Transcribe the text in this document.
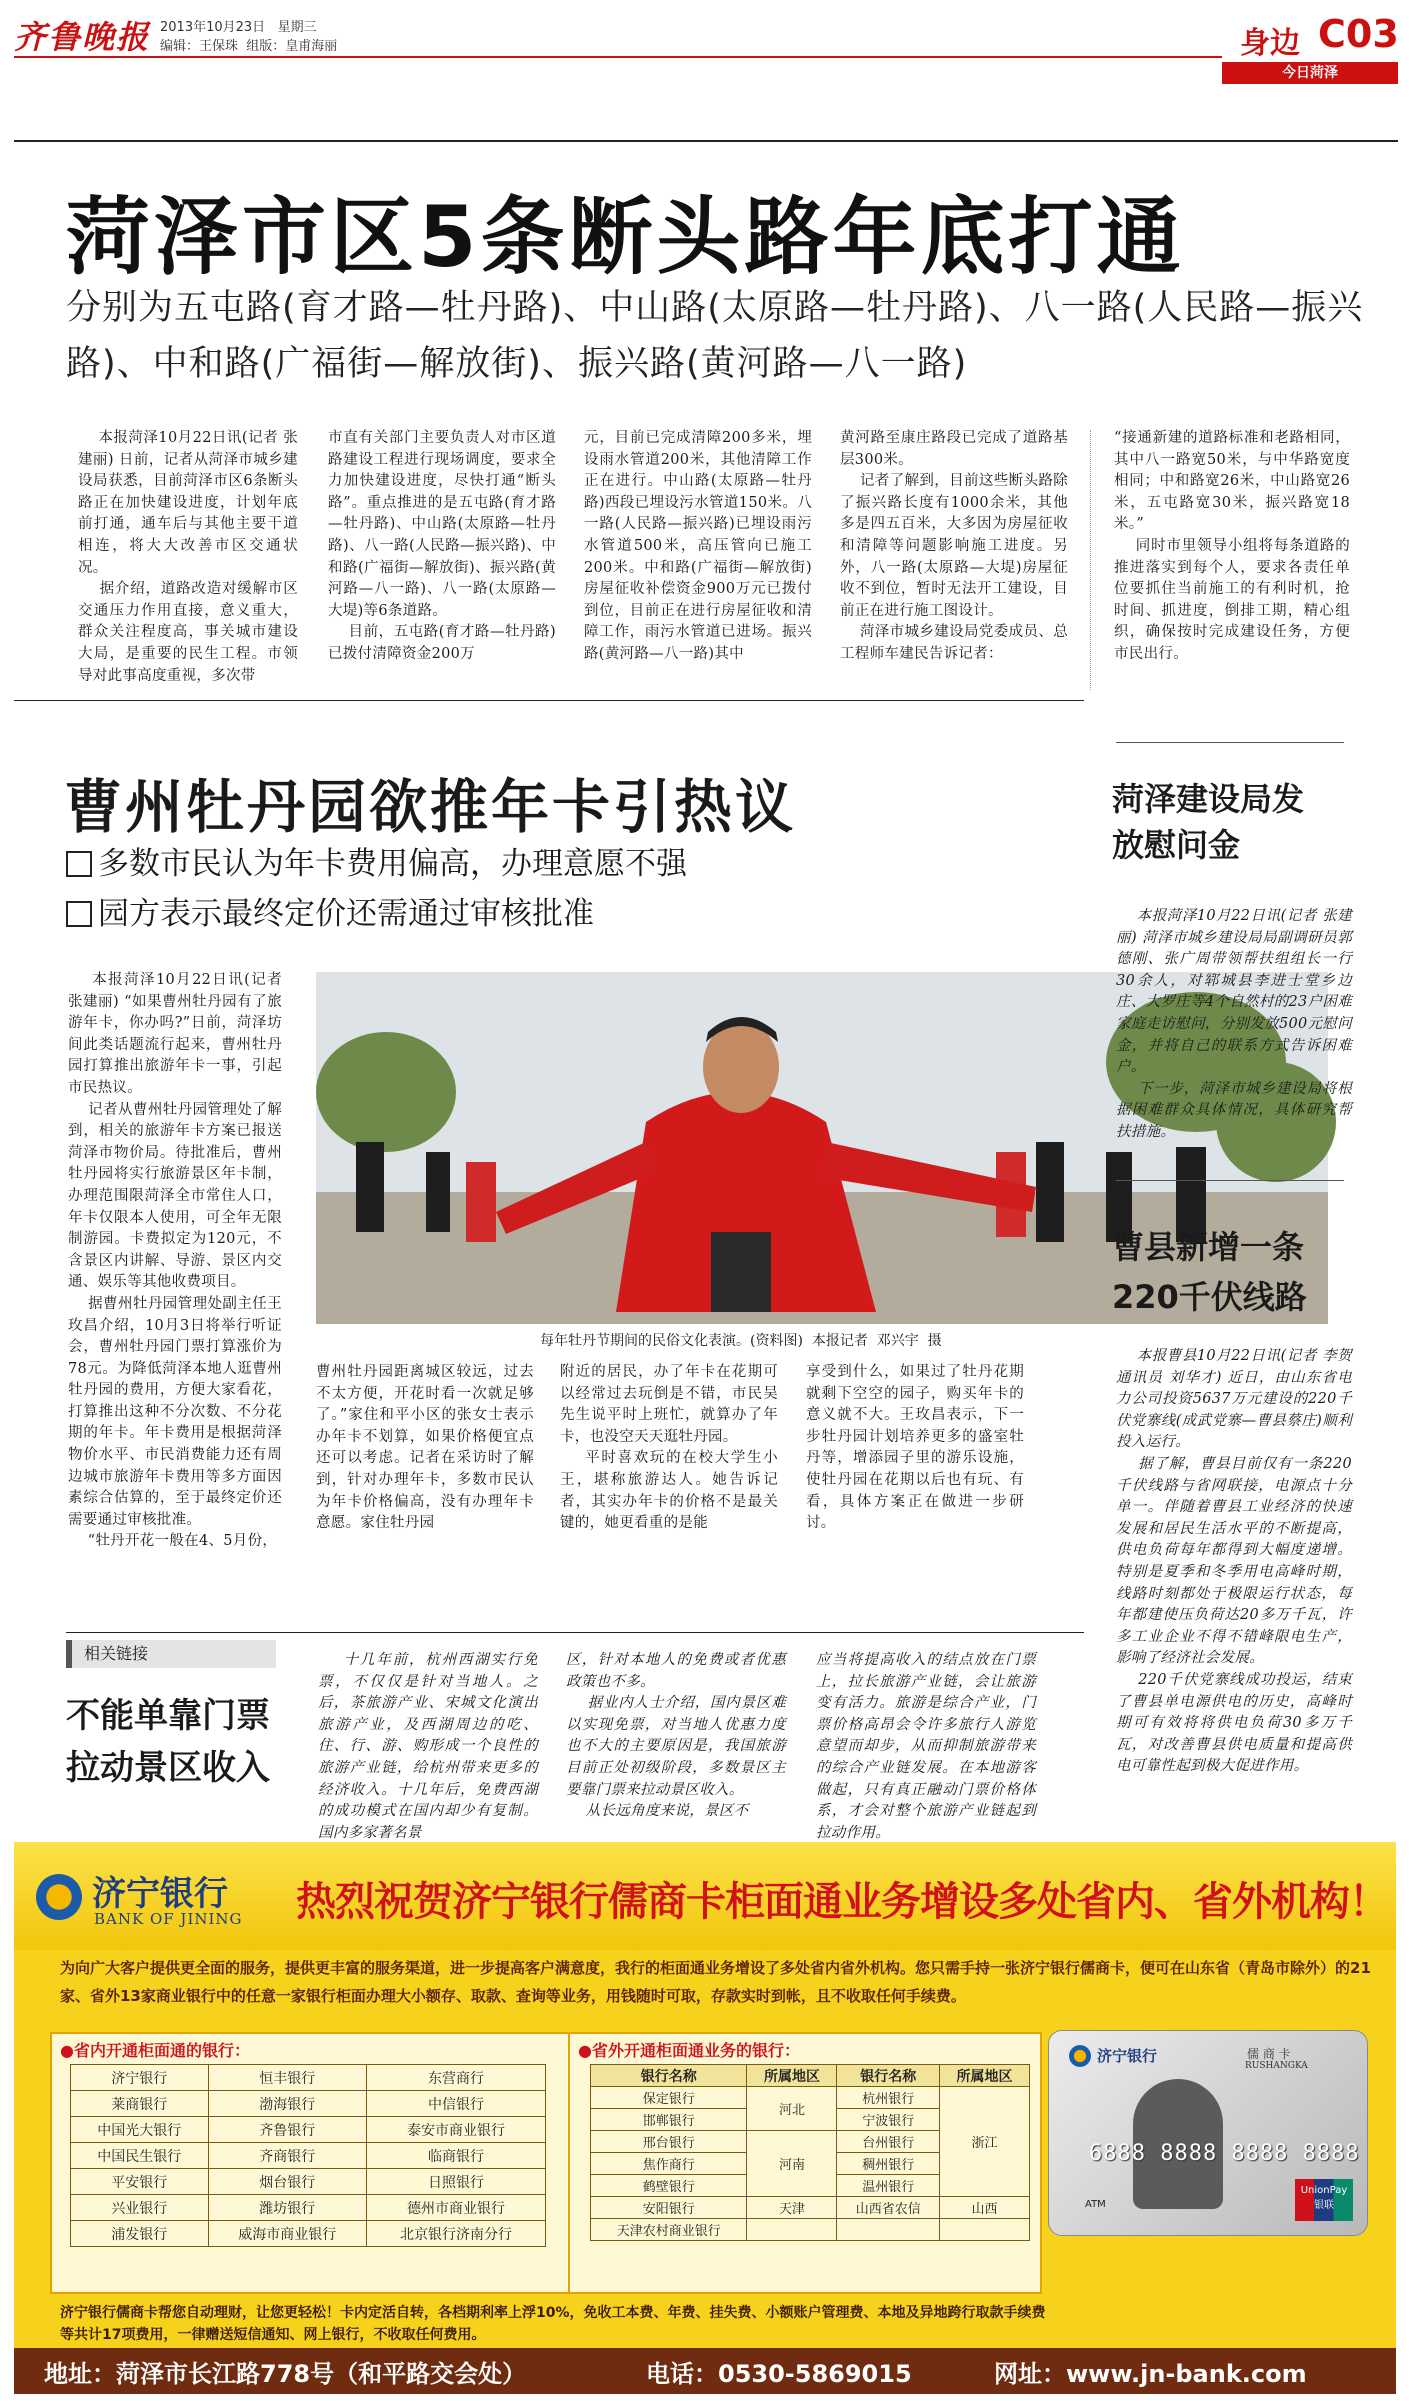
齐鲁晚报 2013年10月23日 星期三
编辑：王保珠 组版：皇甫海丽	身边 C03
今日菏泽
菏泽市区5条断头路年底打通
分别为五屯路(育才路—牡丹路)、中山路(太原路—牡丹路)、八一路(人民路—振兴路)、中和路(广福街—解放街)、振兴路(黄河路—八一路)
本报菏泽10月22日讯(记者 张建丽) 日前，记者从菏泽市城乡建设局获悉，目前菏泽市区6条断头路正在加快建设进度，计划年底前打通，通车后与其他主要干道相连，将大大改善市区交通状况。
据介绍，道路改造对缓解市区交通压力作用直接，意义重大，群众关注程度高，事关城市建设大局，是重要的民生工程。市领导对此事高度重视，多次带
市直有关部门主要负责人对市区道路建设工程进行现场调度，要求全力加快建设进度，尽快打通“断头路”。重点推进的是五屯路(育才路—牡丹路)、中山路(太原路—牡丹路)、八一路(人民路—振兴路)、中和路(广福街—解放街)、振兴路(黄河路—八一路)、八一路(太原路—大堤)等6条道路。
目前，五屯路(育才路—牡丹路)已拨付清障资金200万
元，目前已完成清障200多米，埋设雨水管道200米，其他清障工作正在进行。中山路(太原路—牡丹路)西段已埋设污水管道150米。八一路(人民路—振兴路)已埋设雨污水管道500米，高压管向已施工200米。中和路(广福街—解放街)房屋征收补偿资金900万元已拨付到位，目前正在进行房屋征收和清障工作，雨污水管道已进场。振兴路(黄河路—八一路)其中
黄河路至康庄路段已完成了道路基层300米。
记者了解到，目前这些断头路除了振兴路长度有1000余米，其他多是四五百米，大多因为房屋征收和清障等问题影响施工进度。另外，八一路(太原路—大堤)房屋征收不到位，暂时无法开工建设，目前正在进行施工图设计。
菏泽市城乡建设局党委成员、总工程师车建民告诉记者：
“接通新建的道路标准和老路相同，其中八一路宽50米，与中华路宽度相同；中和路宽26米，中山路宽26米，五屯路宽30米，振兴路宽18米。”
同时市里领导小组将每条道路的推进落实到每个人，要求各责任单位要抓住当前施工的有利时机，抢时间、抓进度，倒排工期，精心组织，确保按时完成建设任务，方便市民出行。
曹州牡丹园欲推年卡引热议
多数市民认为年卡费用偏高，办理意愿不强
园方表示最终定价还需通过审核批准
本报菏泽10月22日讯(记者 张建丽) “如果曹州牡丹园有了旅游年卡，你办吗?”日前，菏泽坊间此类话题流行起来，曹州牡丹园打算推出旅游年卡一事，引起市民热议。
记者从曹州牡丹园管理处了解到，相关的旅游年卡方案已报送菏泽市物价局。待批准后，曹州牡丹园将实行旅游景区年卡制，办理范围限菏泽全市常住人口，年卡仅限本人使用，可全年无限制游园。卡费拟定为120元，不含景区内讲解、导游、景区内交通、娱乐等其他收费项目。
据曹州牡丹园管理处副主任王玫昌介绍，10月3日将举行听证会，曹州牡丹园门票打算涨价为78元。为降低菏泽本地人逛曹州牡丹园的费用，方便大家看花，打算推出这种不分次数、不分花期的年卡。年卡费用是根据菏泽物价水平、市民消费能力还有周边城市旅游年卡费用等多方面因素综合估算的，至于最终定价还需要通过审核批准。
“牡丹开花一般在4、5月份，
每年牡丹节期间的民俗文化表演。(资料图)  本报记者  邓兴宇  摄
曹州牡丹园距离城区较远，过去不太方便，开花时看一次就足够了。”家住和平小区的张女士表示办年卡不划算，如果价格便宜点还可以考虑。记者在采访时了解到，针对办理年卡，多数市民认为年卡价格偏高，没有办理年卡意愿。家住牡丹园
附近的居民，办了年卡在花期可以经常过去玩倒是不错，市民吴先生说平时上班忙，就算办了年卡，也没空天天逛牡丹园。
平时喜欢玩的在校大学生小王，堪称旅游达人。她告诉记者，其实办年卡的价格不是最关键的，她更看重的是能
享受到什么，如果过了牡丹花期就剩下空空的园子，购买年卡的意义就不大。王玫昌表示，下一步牡丹园计划培养更多的盛室牡丹等，增添园子里的游乐设施，使牡丹园在花期以后也有玩、有看，具体方案正在做进一步研讨。
菏泽建设局发放慰问金
本报菏泽10月22日讯(记者 张建丽) 菏泽市城乡建设局局副调研员郭德刚、张广周带领帮扶组组长一行30余人，对郓城县李进士堂乡边庄、大罗庄等4个自然村的23户困难家庭走访慰问，分别发放500元慰问金，并将自己的联系方式告诉困难户。
下一步，菏泽市城乡建设局将根据困难群众具体情况，具体研究帮扶措施。
曹县新增一条220千伏线路
本报曹县10月22日讯(记者 李贺 通讯员 刘华才) 近日，由山东省电力公司投资5637万元建设的220千伏党寨线(成武党寨—曹县蔡庄)顺利投入运行。
据了解，曹县目前仅有一条220千伏线路与省网联接，电源点十分单一。伴随着曹县工业经济的快速发展和居民生活水平的不断提高，供电负荷每年都得到大幅度递增。特别是夏季和冬季用电高峰时期，线路时刻都处于极限运行状态，每年都建使压负荷达20多万千瓦，许多工业企业不得不错峰限电生产，影响了经济社会发展。
220千伏党寨线成功投运，结束了曹县单电源供电的历史，高峰时期可有效将将供电负荷30多万千瓦，对改善曹县供电质量和提高供电可靠性起到极大促进作用。
相关链接
不能单靠门票拉动景区收入
十几年前，杭州西湖实行免票，不仅仅是针对当地人。之后，茶旅游产业、宋城文化演出旅游产业，及西湖周边的吃、住、行、游、购形成一个良性的旅游产业链，给杭州带来更多的经济收入。十几年后，免费西湖的成功模式在国内却少有复制。国内多家著名景
区，针对本地人的免费或者优惠政策也不多。
据业内人士介绍，国内景区难以实现免票，对当地人优惠力度也不大的主要原因是，我国旅游目前正处初级阶段，多数景区主要靠门票来拉动景区收入。
从长远角度来说，景区不
应当将提高收入的结点放在门票上，拉长旅游产业链，会让旅游变有活力。旅游是综合产业，门票价格高昂会令许多旅行人游览意望而却步，从而抑制旅游带来的综合产业链发展。在本地游客做起，只有真正融动门票价格体系，才会对整个旅游产业链起到拉动作用。
济宁银行
BANK OF JINING 热烈祝贺济宁银行儒商卡柜面通业务增设多处省内、省外机构！
为向广大客户提供更全面的服务，提供更丰富的服务渠道，进一步提高客户满意度，我行的柜面通业务增设了多处省内省外机构。您只需手持一张济宁银行儒商卡，便可在山东省（青岛市除外）的21家、省外13家商业银行中的任意一家银行柜面办理大小额存、取款、查询等业务，用钱随时可取，存款实时到帐，且不收取任何手续费。
●省内开通柜面通的银行：
济宁银行	恒丰银行	东营商行
莱商银行	渤海银行	中信银行
中国光大银行	齐鲁银行	泰安市商业银行
中国民生银行	齐商银行	临商银行
平安银行	烟台银行	日照银行
兴业银行	潍坊银行	德州市商业银行
浦发银行	威海市商业银行	北京银行济南分行
●省外开通柜面通业务的银行：
银行名称	所属地区	银行名称	所属地区
保定银行	河北	杭州银行	浙江
邯郸银行		宁波银行	
邢台银行	河南	台州银行	
焦作商行		稠州银行	
鹤壁银行		温州银行	
安阳银行	天津	山西省农信	山西
天津农村商业银行			
济宁银行	儒 商 卡
RUSHANGKA
6888 8888 8888 8888
ATM
UnionPay
银联
济宁银行儒商卡帮您自动理财，让您更轻松！卡内定活自转，各档期利率上浮10%，免收工本费、年费、挂失费、小额账户管理费、本地及异地跨行取款手续费等共计17项费用，一律赠送短信通知、网上银行，不收取任何费用。
地址：菏泽市长江路778号（和平路交会处）	电话：0530-5869015	网址：www.jn-bank.com
